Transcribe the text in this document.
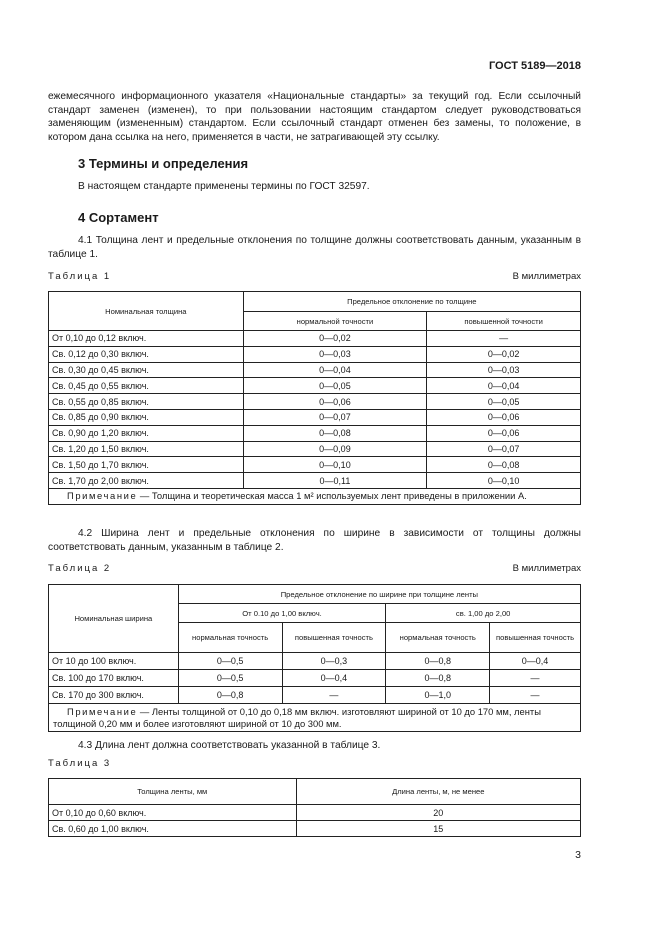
ГОСТ 5189—2018
ежемесячного информационного указателя «Национальные стандарты» за текущий год. Если ссылочный стандарт заменен (изменен), то при пользовании настоящим стандартом следует руководствоваться заменяющим (измененным) стандартом. Если ссылочный стандарт отменен без замены, то положение, в котором дана ссылка на него, применяется в части, не затрагивающей эту ссылку.
3 Термины и определения
В настоящем стандарте применены термины по ГОСТ 32597.
4 Сортамент
4.1 Толщина лент и предельные отклонения по толщине должны соответствовать данным, указанным в таблице 1.
Таблица 1	В миллиметрах
Номинальная толщина	Предельное отклонение по толщине	
	нормальной точности	повышенной точности
От 0,10 до 0,12 включ.	0—0,02	—
Св. 0,12 до 0,30 включ.	0—0,03	0—0,02
Св. 0,30 до 0,45 включ.	0—0,04	0—0,03
Св. 0,45 до 0,55 включ.	0—0,05	0—0,04
Св. 0,55 до 0,85 включ.	0—0,06	0—0,05
Св. 0,85 до 0,90 включ.	0—0,07	0—0,06
Св. 0,90 до 1,20 включ.	0—0,08	0—0,06
Св. 1,20 до 1,50 включ.	0—0,09	0—0,07
Св. 1,50 до 1,70 включ.	0—0,10	0—0,08
Св. 1,70 до 2,00 включ.	0—0,11	0—0,10
Примечание — Толщина и теоретическая масса 1 м² используемых лент приведены в приложении А.		
4.2 Ширина лент и предельные отклонения по ширине в зависимости от толщины должны соответствовать данным, указанным в таблице 2.
Таблица 2	В миллиметрах
Номинальная ширина	Предельное отклонение по ширине при толщине ленты			
	От 0.10 до 1,00 включ.		св. 1,00 до 2,00	
	нормальная точность	повышенная точность	нормальная точность	повышенная точность
От 10 до 100 включ.	0—0,5	0—0,3	0—0,8	0—0,4
Св. 100 до 170 включ.	0—0,5	0—0,4	0—0,8	—
Св. 170 до 300 включ.	0—0,8	—	0—1,0	—
Примечание — Ленты толщиной от 0,10 до 0,18 мм включ. изготовляют шириной от 10 до 170 мм, ленты толщиной 0,20 мм и более изготовляют шириной от 10 до 300 мм.				
4.3 Длина лент должна соответствовать указанной в таблице 3.
Таблица 3
Толщина ленты, мм	Длина ленты, м, не менее
От 0,10 до 0,60 включ.	20
Св. 0,60 до 1,00 включ.	15
3
